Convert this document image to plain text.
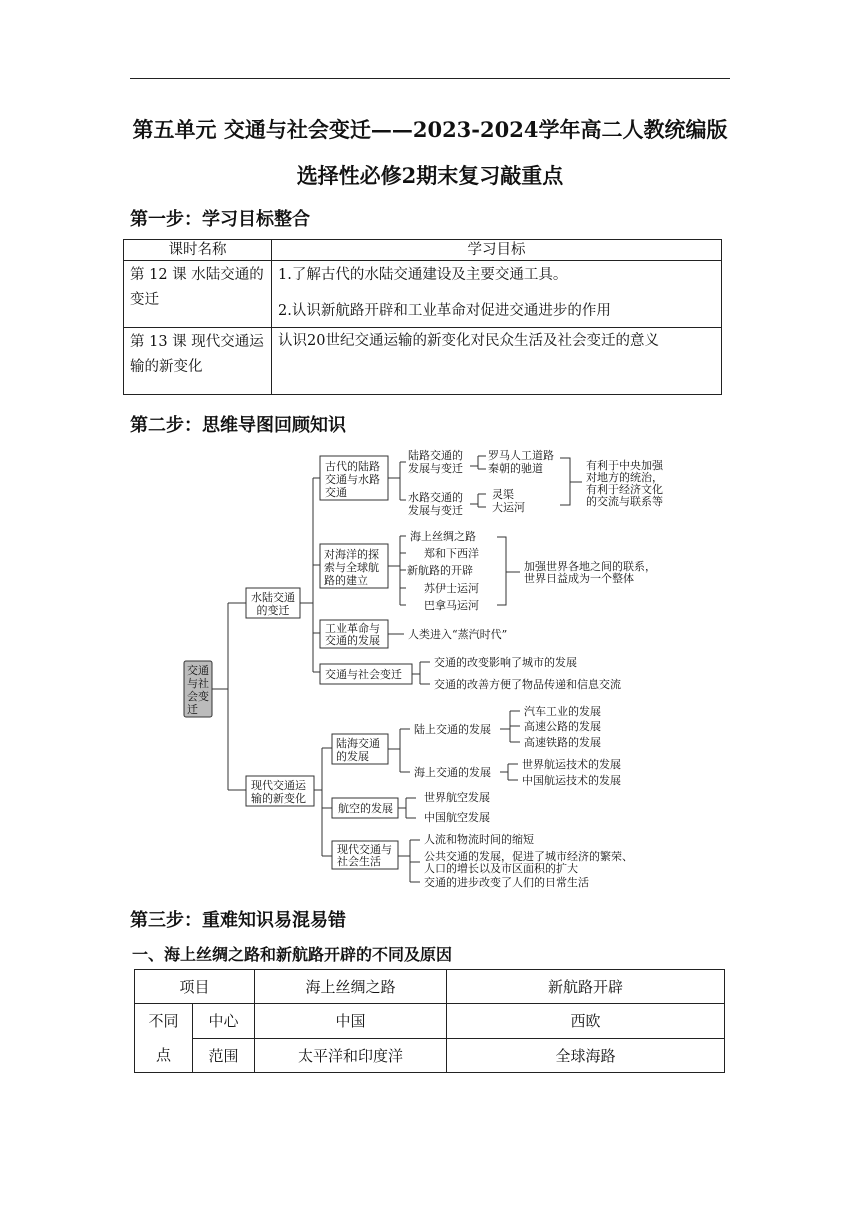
第五单元 交通与社会变迁——2023-2024学年高二人教统编版
选择性必修2期末复习敲重点
第一步：学习目标整合
课时名称	学习目标
第 12 课 水陆交通的变迁	1.了解古代的水陆交通建设及主要交通工具。
2.认识新航路开辟和工业革命对促进交通进步的作用

第 13 课 现代交通运输的新变化	认识20世纪交通运输的新变化对民众生活及社会变迁的意义
第二步：思维导图回顾知识
交通与社会变迁
水陆交通
的变迁
古代的陆路
交通与水路
交通
陆路交通的
发展与变迁
水路交通的
发展与变迁
罗马人工道路
秦朝的驰道
灵渠
大运河
有利于中央加强
对地方的统治，
有利于经济文化
的交流与联系等
对海洋的探
索与全球航
路的建立
海上丝绸之路
郑和下西洋
新航路的开辟
苏伊士运河
巴拿马运河
加强世界各地之间的联系，
世界日益成为一个整体
工业革命与
交通的发展	人类进入“蒸汽时代”
交通与社会变迁
交通的改变影响了城市的发展
交通的改善方便了物品传递和信息交流
现代交通运
输的新变化
陆海交通
的发展
陆上交通的发展
海上交通的发展
汽车工业的发展
高速公路的发展
高速铁路的发展
世界航运技术的发展
中国航运技术的发展
航空的发展
世界航空发展
中国航空发展
现代交通与
社会生活
人流和物流时间的缩短
公共交通的发展，促进了城市经济的繁荣、
人口的增长以及市区面积的扩大
交通的进步改变了人们的日常生活
第三步：重难知识易混易错
一、海上丝绸之路和新航路开辟的不同及原因
项目		海上丝绸之路	新航路开辟

不同
点	中心	中国	西欧
	范围	太平洋和印度洋	全球海路
